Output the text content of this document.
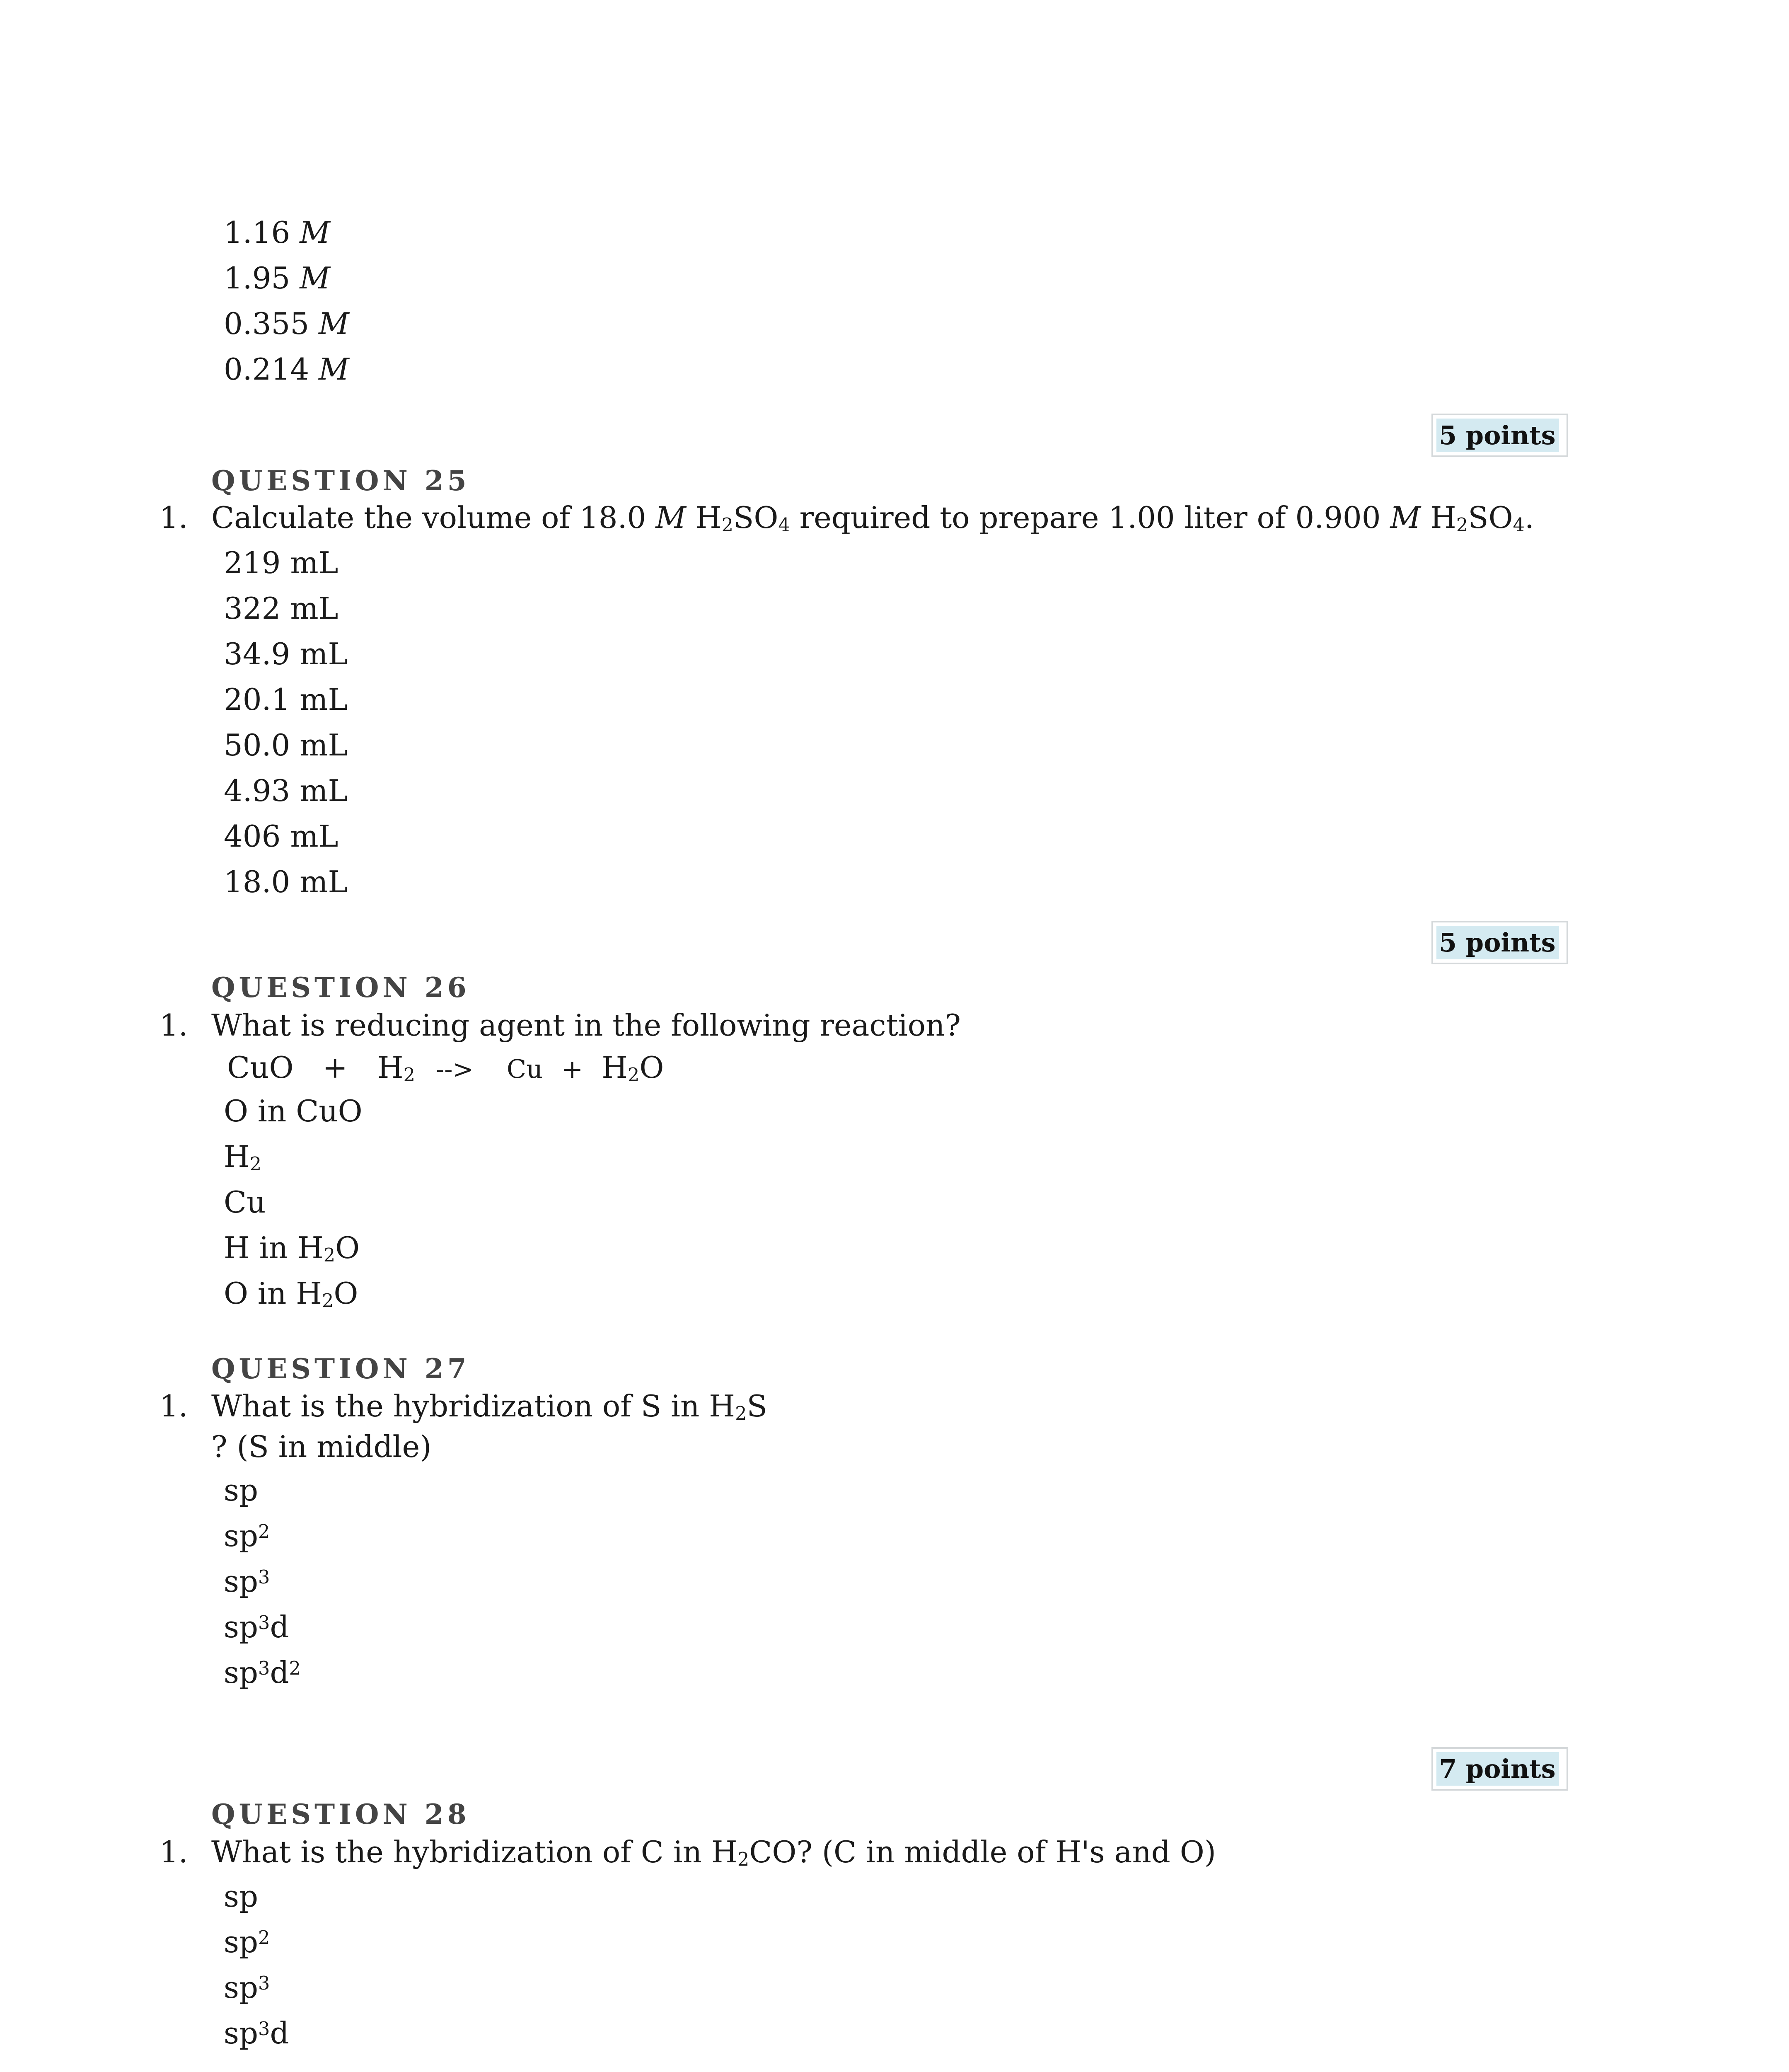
1.16 M
1.95 M
0.355 M
0.214 M
5 points
QUESTION 25
1. Calculate the volume of 18.0 M $H_2SO_4$ required to prepare 1.00 liter of 0.900 M $H_2SO_4$.
219 mL
322 mL
34.9 mL
20.1 mL
50.0 mL
4.93 mL
406 mL
18.0 mL
5 points
QUESTION 26
1. What is reducing agent in the following reaction?
CuO + $H_2$ --> $Cu + H_2O$
O in CuO
$H_2$
Cu
H in $H_2O$
O in $H_2O$
QUESTION 27
1. What is the hybridization of S in $H_2S$
? (S in middle)
sp
$sp^2$
$sp^3$
$sp^3d$
$sp^3d^2$
7 points
QUESTION 28
1. What is the hybridization of C in $H_2CO$? (C in middle of H's and O)
sp
$sp^2$
$sp^3$
$sp^3d$
